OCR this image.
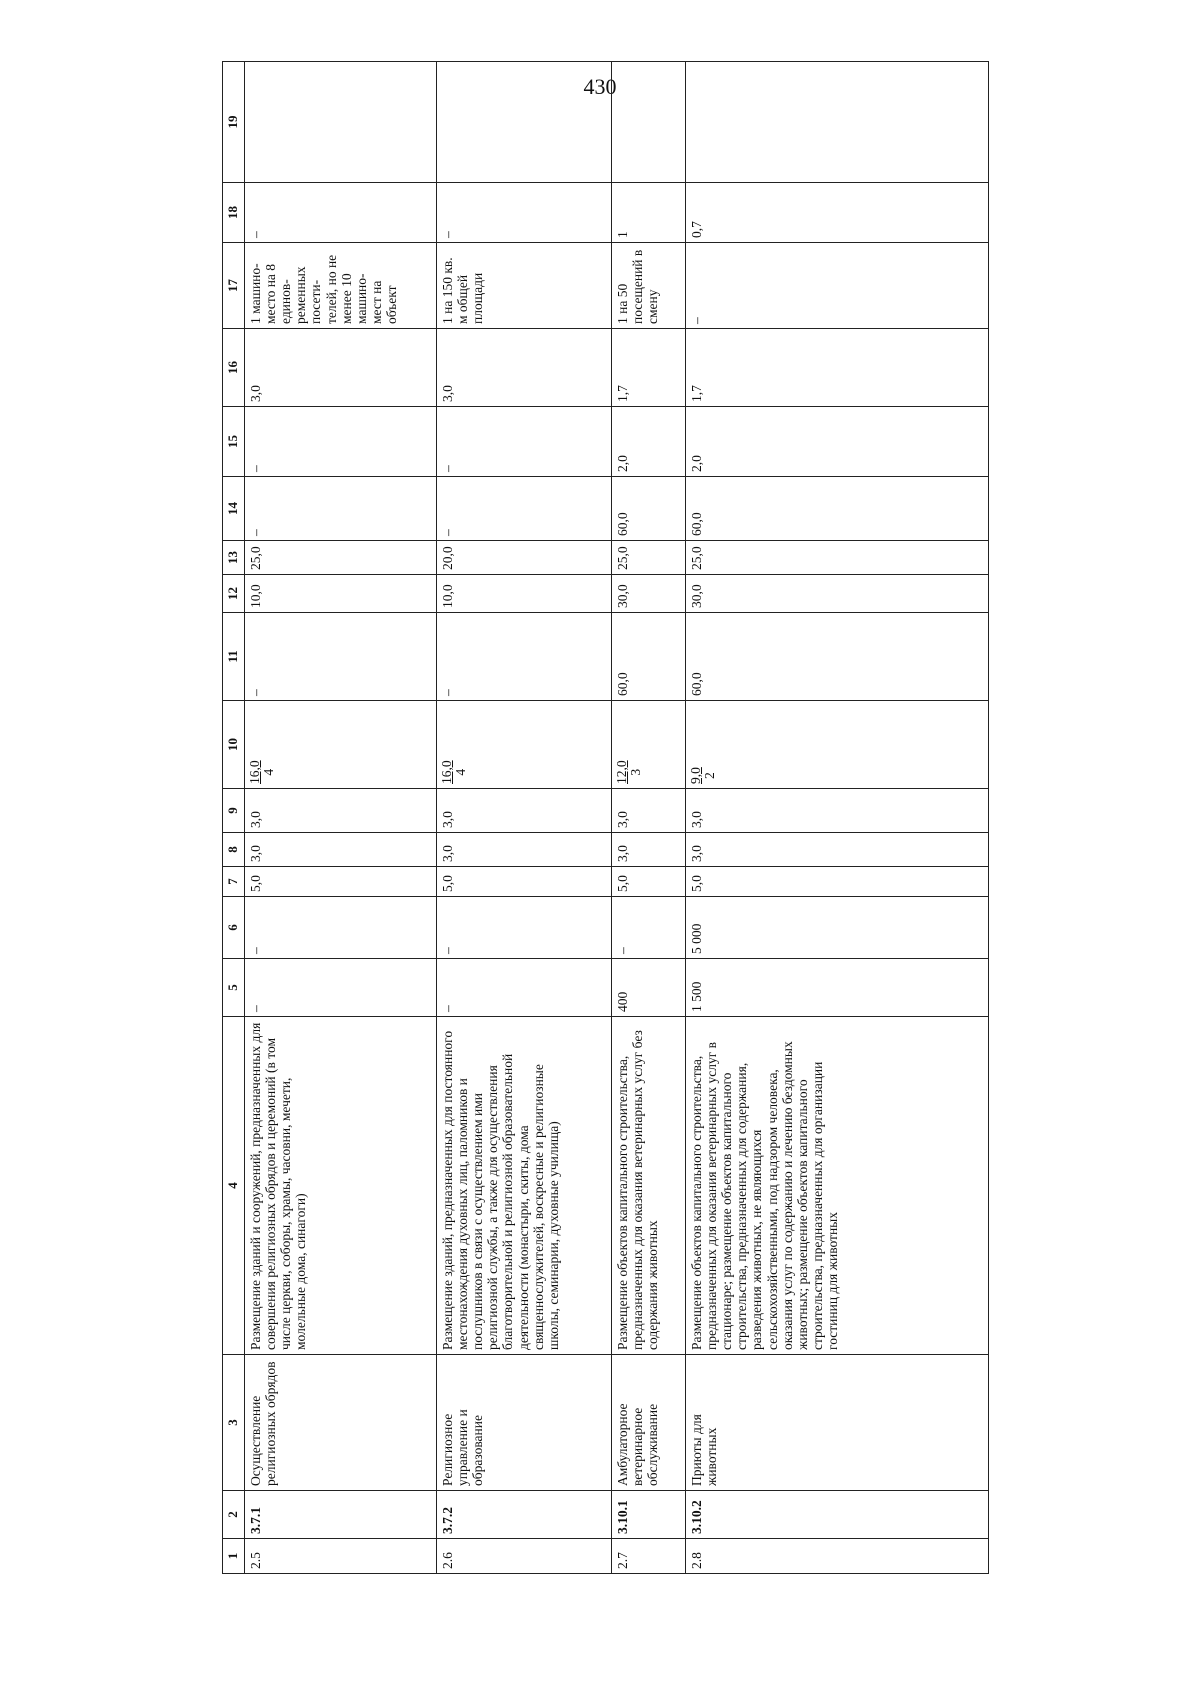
430
1	2	3	4	5	6	7	8	9	10	11	12	13	14	15	16	17	18	19
2.5	3.7.1	Осуществление религиозных обрядов	Размещение зданий и сооружений, предназначенных для совершения религиозных обрядов и церемоний (в том числе церкви, соборы, храмы, часовни, мечети, молельные дома, синагоги)	–	–	5,0	3,0	3,0	16,0 4	–	10,0	25,0	–	–	3,0	1 машино-место на 8 единов-ременных посети-телей, но не менее 10 машино-мест на объект	–	
2.6	3.7.2	Религиозное управление и образование	Размещение зданий, предназначенных для постоянного местонахождения духовных лиц, паломников и послушников в связи с осуществлением ими религиозной службы, а также для осуществления благотворительной и религиозной образовательной деятельности (монастыри, скиты, дома священнослужителей, воскресные и религиозные школы, семинарии, духовные училища)	–	–	5,0	3,0	3,0	16,0 4	–	10,0	20,0	–	–	3,0	1 на 150 кв. м общей площади	–	
2.7	3.10.1	Амбулаторное ветеринарное обслуживание	Размещение объектов капитального строительства, предназначенных для оказания ветеринарных услуг без содержания животных	400	–	5,0	3,0	3,0	12,0 3	60,0	30,0	25,0	60,0	2,0	1,7	1 на 50 посещений в смену	1	
2.8	3.10.2	Приюты для животных	Размещение объектов капитального строительства, предназначенных для оказания ветеринарных услуг в стационаре; размещение объектов капитального строительства, предназначенных для содержания, разведения животных, не являющихся сельскохозяйственными, под надзором человека, оказания услуг по содержанию и лечению бездомных животных; размещение объектов капитального строительства, предназначенных для организации гостиниц для животных	1 500	5 000	5,0	3,0	3,0	9,0 2	60,0	30,0	25,0	60,0	2,0	1,7	–	0,7	
